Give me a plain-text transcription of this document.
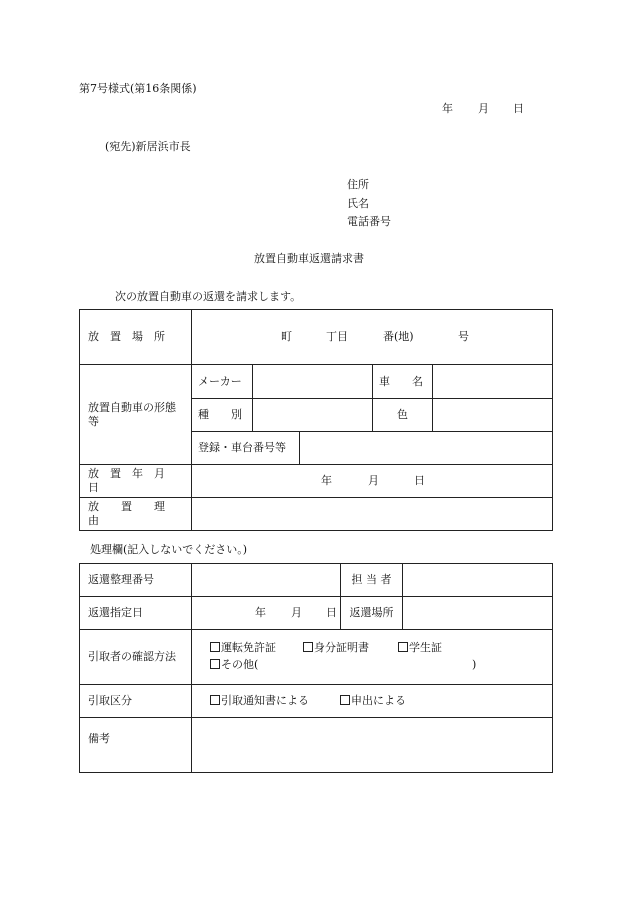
第7号様式(第16条関係)
年 月 日
(宛先)新居浜市長
住所
氏名
電話番号
放置自動車返還請求書
次の放置自動車の返還を請求します。
放　置　場　所	町 丁目 番(地) 号				

放置自動車の形態
等	メーカー			車　　名	
	種　　別			色	
	登録・車台番号等				
放　置　年　月　日	年 月 日				

放　　置　　理　　由					
処理欄(記入しないでください。)
返還整理番号		担 当 者	
返還指定日	年 月 日	返還場所	
引取者の確認方法	運転免許証 身分証明書 学生証
その他( )		

引取区分	引取通知書による 申出による		

備考			
